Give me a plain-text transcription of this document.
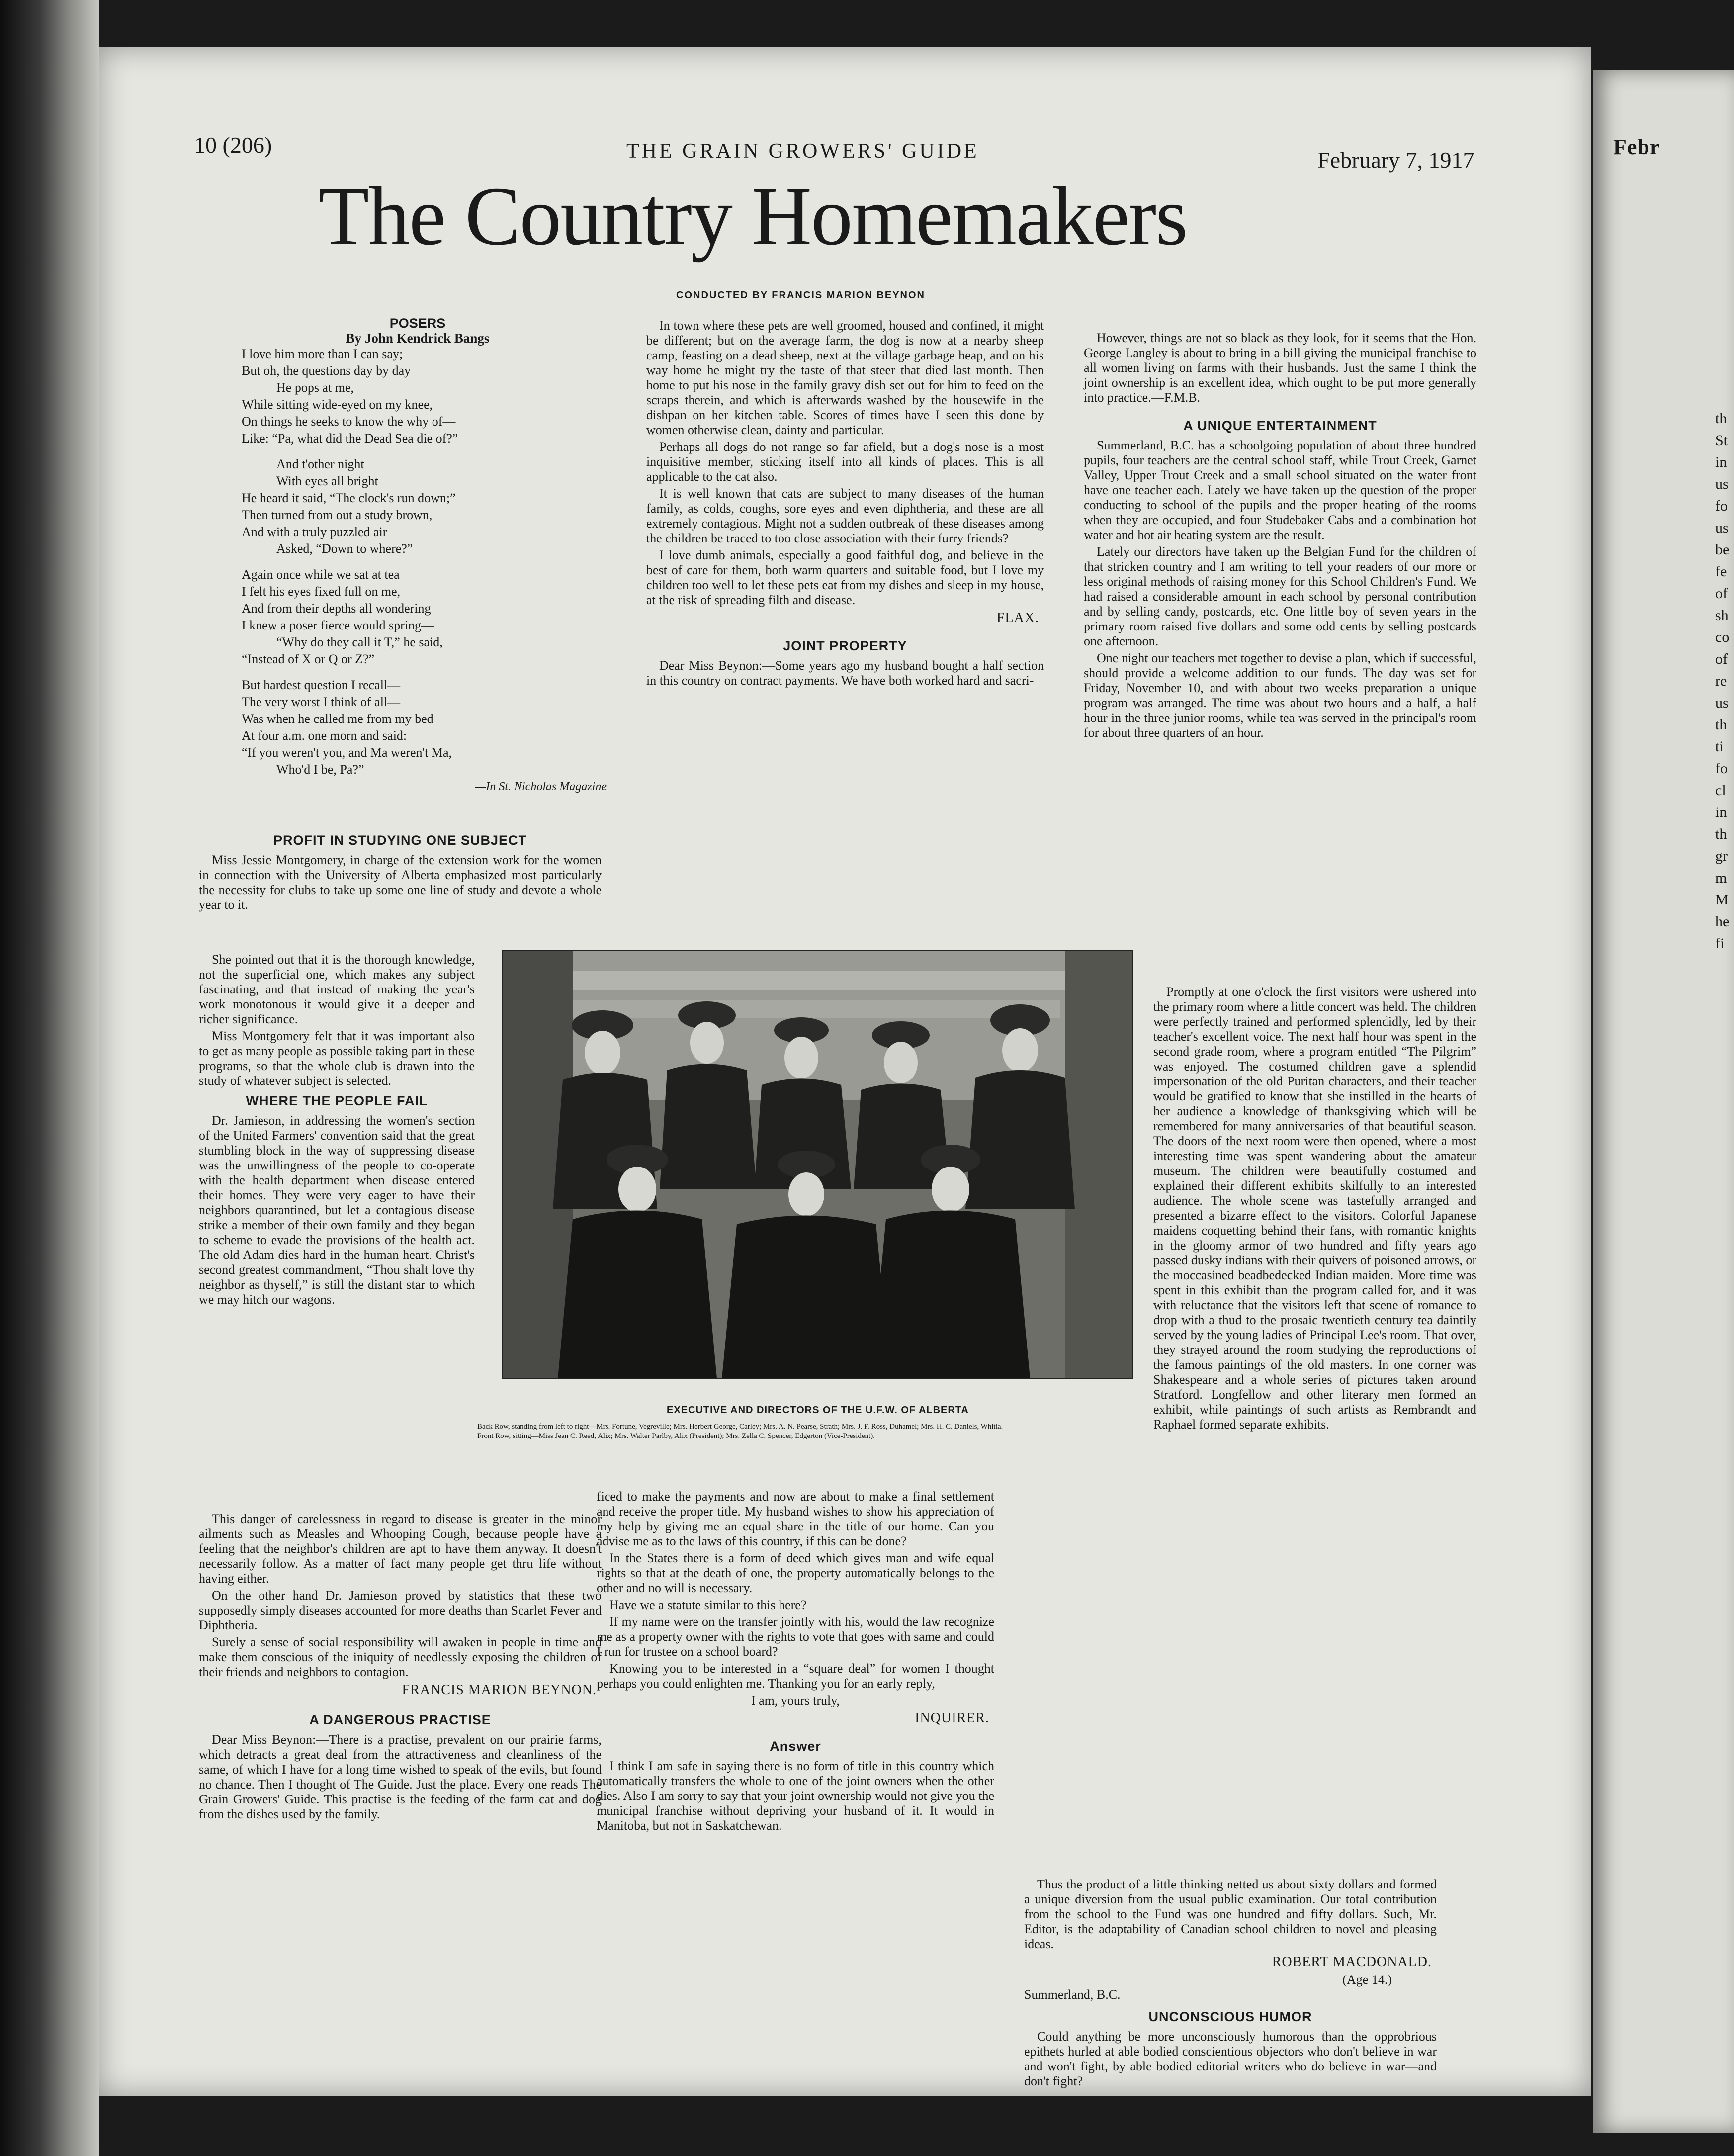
Febr
th
St
in
us
fo
us
be
fe
of
sh
co
of
re
us
th
ti
fo
cl
in
th
gr
m
M
he
fi
10 (206)	THE GRAIN GROWERS' GUIDE	February 7, 1917
The Country Homemakers
CONDUCTED BY FRANCIS MARION BEYNON
POSERS
By John Kendrick Bangs

I love him more than I can say;

But oh, the questions day by day

He pops at me,

While sitting wide-eyed on my knee,

On things he seeks to know the why of—

Like: “Pa, what did the Dead Sea die of?”

And t'other night

With eyes all bright

He heard it said, “The clock's run down;”

Then turned from out a study brown,

And with a truly puzzled air

Asked, “Down to where?”

Again once while we sat at tea

I felt his eyes fixed full on me,

And from their depths all wondering

I knew a poser fierce would spring—

“Why do they call it T,” he said,

“Instead of X or Q or Z?”

But hardest question I recall—

The very worst I think of all—

Was when he called me from my bed

At four a.m. one morn and said:

“If you weren't you, and Ma weren't Ma,

Who'd I be, Pa?”

—In St. Nicholas Magazine
PROFIT IN STUDYING ONE SUBJECT

Miss Jessie Montgomery, in charge of the extension work for the women in connection with the University of Alberta emphasized most particularly the necessity for clubs to take up some one line of study and devote a whole year to it.

She pointed out that it is the thorough knowledge, not the superficial one, which makes any subject fascinating, and that instead of making the year's work monotonous it would give it a deeper and richer significance.

Miss Montgomery felt that it was important also to get as many people as possible taking part in these programs, so that the whole club is drawn into the study of whatever subject is selected.

WHERE THE PEOPLE FAIL

Dr. Jamieson, in addressing the women's section of the United Farmers' convention said that the great stumbling block in the way of suppressing disease was the unwillingness of the people to co-operate with the health department when disease entered their homes. They were very eager to have their neighbors quarantined, but let a contagious disease strike a member of their own family and they began to scheme to evade the provisions of the health act. The old Adam dies hard in the human heart. Christ's second greatest commandment, “Thou shalt love thy neighbor as thyself,” is still the distant star to which we may hitch our wagons.

This danger of carelessness in regard to disease is greater in the minor ailments such as Measles and Whooping Cough, because people have a feeling that the neighbor's children are apt to have them anyway. It doesn't necessarily follow. As a matter of fact many people get thru life without having either.

On the other hand Dr. Jamieson proved by statistics that these two supposedly simply diseases accounted for more deaths than Scarlet Fever and Diphtheria.

Surely a sense of social responsibility will awaken in people in time and make them conscious of the iniquity of needlessly exposing the children of their friends and neighbors to contagion.

FRANCIS MARION BEYNON.
A DANGEROUS PRACTISE

Dear Miss Beynon:—There is a practise, prevalent on our prairie farms, which detracts a great deal from the attractiveness and cleanliness of the same, of which I have for a long time wished to speak of the evils, but found no chance. Then I thought of The Guide. Just the place. Every one reads The Grain Growers' Guide. This practise is the feeding of the farm cat and dog from the dishes used by the family.

In town where these pets are well groomed, housed and confined, it might be different; but on the average farm, the dog is now at a nearby sheep camp, feasting on a dead sheep, next at the village garbage heap, and on his way home he might try the taste of that steer that died last month. Then home to put his nose in the family gravy dish set out for him to feed on the scraps therein, and which is afterwards washed by the housewife in the dishpan on her kitchen table. Scores of times have I seen this done by women otherwise clean, dainty and particular.

Perhaps all dogs do not range so far afield, but a dog's nose is a most inquisitive member, sticking itself into all kinds of places. This is all applicable to the cat also.

It is well known that cats are subject to many diseases of the human family, as colds, coughs, sore eyes and even diphtheria, and these are all extremely contagious. Might not a sudden outbreak of these diseases among the children be traced to too close association with their furry friends?

I love dumb animals, especially a good faithful dog, and believe in the best of care for them, both warm quarters and suitable food, but I love my children too well to let these pets eat from my dishes and sleep in my house, at the risk of spreading filth and disease.

FLAX.
JOINT PROPERTY

Dear Miss Beynon:—Some years ago my husband bought a half section in this country on contract payments. We have both worked hard and sacri-

EXECUTIVE AND DIRECTORS OF THE U.F.W. OF ALBERTA
Back Row, standing from left to right—Mrs. Fortune, Vegreville; Mrs. Herbert George, Carley; Mrs. A. N. Pearse, Strath; Mrs. J. F. Ross, Duhamel; Mrs. H. C. Daniels, Whitla.
Front Row, sitting—Miss Jean C. Reed, Alix; Mrs. Walter Parlby, Alix (President); Mrs. Zella C. Spencer, Edgerton (Vice-President).

ficed to make the payments and now are about to make a final settlement and receive the proper title. My husband wishes to show his appreciation of my help by giving me an equal share in the title of our home. Can you advise me as to the laws of this country, if this can be done?

In the States there is a form of deed which gives man and wife equal rights so that at the death of one, the property automatically belongs to the other and no will is necessary.

Have we a statute similar to this here?

If my name were on the transfer jointly with his, would the law recognize me as a property owner with the rights to vote that goes with same and could I run for trustee on a school board?

Knowing you to be interested in a “square deal” for women I thought perhaps you could enlighten me. Thanking you for an early reply,

I am, yours truly,
INQUIRER.
Answer

I think I am safe in saying there is no form of title in this country which automatically transfers the whole to one of the joint owners when the other dies. Also I am sorry to say that your joint ownership would not give you the municipal franchise without depriving your husband of it. It would in Manitoba, but not in Saskatchewan.

However, things are not so black as they look, for it seems that the Hon. George Langley is about to bring in a bill giving the municipal franchise to all women living on farms with their husbands. Just the same I think the joint ownership is an excellent idea, which ought to be put more generally into practice.—F.M.B.

A UNIQUE ENTERTAINMENT

Summerland, B.C. has a schoolgoing population of about three hundred pupils, four teachers are the central school staff, while Trout Creek, Garnet Valley, Upper Trout Creek and a small school situated on the water front have one teacher each. Lately we have taken up the question of the proper conducting to school of the pupils and the proper heating of the rooms when they are occupied, and four Studebaker Cabs and a combination hot water and hot air heating system are the result.

Lately our directors have taken up the Belgian Fund for the children of that stricken country and I am writing to tell your readers of our more or less original methods of raising money for this School Children's Fund. We had raised a considerable amount in each school by personal contribution and by selling candy, postcards, etc. One little boy of seven years in the primary room raised five dollars and some odd cents by selling postcards one afternoon.

One night our teachers met together to devise a plan, which if successful, should provide a welcome addition to our funds. The day was set for Friday, November 10, and with about two weeks preparation a unique program was arranged. The time was about two hours and a half, a half hour in the three junior rooms, while tea was served in the principal's room for about three quarters of an hour.

Promptly at one o'clock the first visitors were ushered into the primary room where a little concert was held. The children were perfectly trained and performed splendidly, led by their teacher's excellent voice. The next half hour was spent in the second grade room, where a program entitled “The Pilgrim” was enjoyed. The costumed children gave a splendid impersonation of the old Puritan characters, and their teacher would be gratified to know that she instilled in the hearts of her audience a knowledge of thanksgiving which will be remembered for many anniversaries of that beautiful season. The doors of the next room were then opened, where a most interesting time was spent wandering about the amateur museum. The children were beautifully costumed and explained their different exhibits skilfully to an interested audience. The whole scene was tastefully arranged and presented a bizarre effect to the visitors. Colorful Japanese maidens coquetting behind their fans, with romantic knights in the gloomy armor of two hundred and fifty years ago passed dusky indians with their quivers of poisoned arrows, or the moccasined beadbedecked Indian maiden. More time was spent in this exhibit than the program called for, and it was with reluctance that the visitors left that scene of romance to drop with a thud to the prosaic twentieth century tea daintily served by the young ladies of Principal Lee's room. That over, they strayed around the room studying the reproductions of the famous paintings of the old masters. In one corner was Shakespeare and a whole series of pictures taken around Stratford. Longfellow and other literary men formed an exhibit, while paintings of such artists as Rembrandt and Raphael formed separate exhibits.

Thus the product of a little thinking netted us about sixty dollars and formed a unique diversion from the usual public examination. Our total contribution from the school to the Fund was one hundred and fifty dollars. Such, Mr. Editor, is the adaptability of Canadian school children to novel and pleasing ideas.

ROBERT MACDONALD.
(Age 14.)
Summerland, B.C.
UNCONSCIOUS HUMOR

Could anything be more unconsciously humorous than the opprobrious epithets hurled at able bodied conscientious objectors who don't believe in war and won't fight, by able bodied editorial writers who do believe in war—and don't fight?
